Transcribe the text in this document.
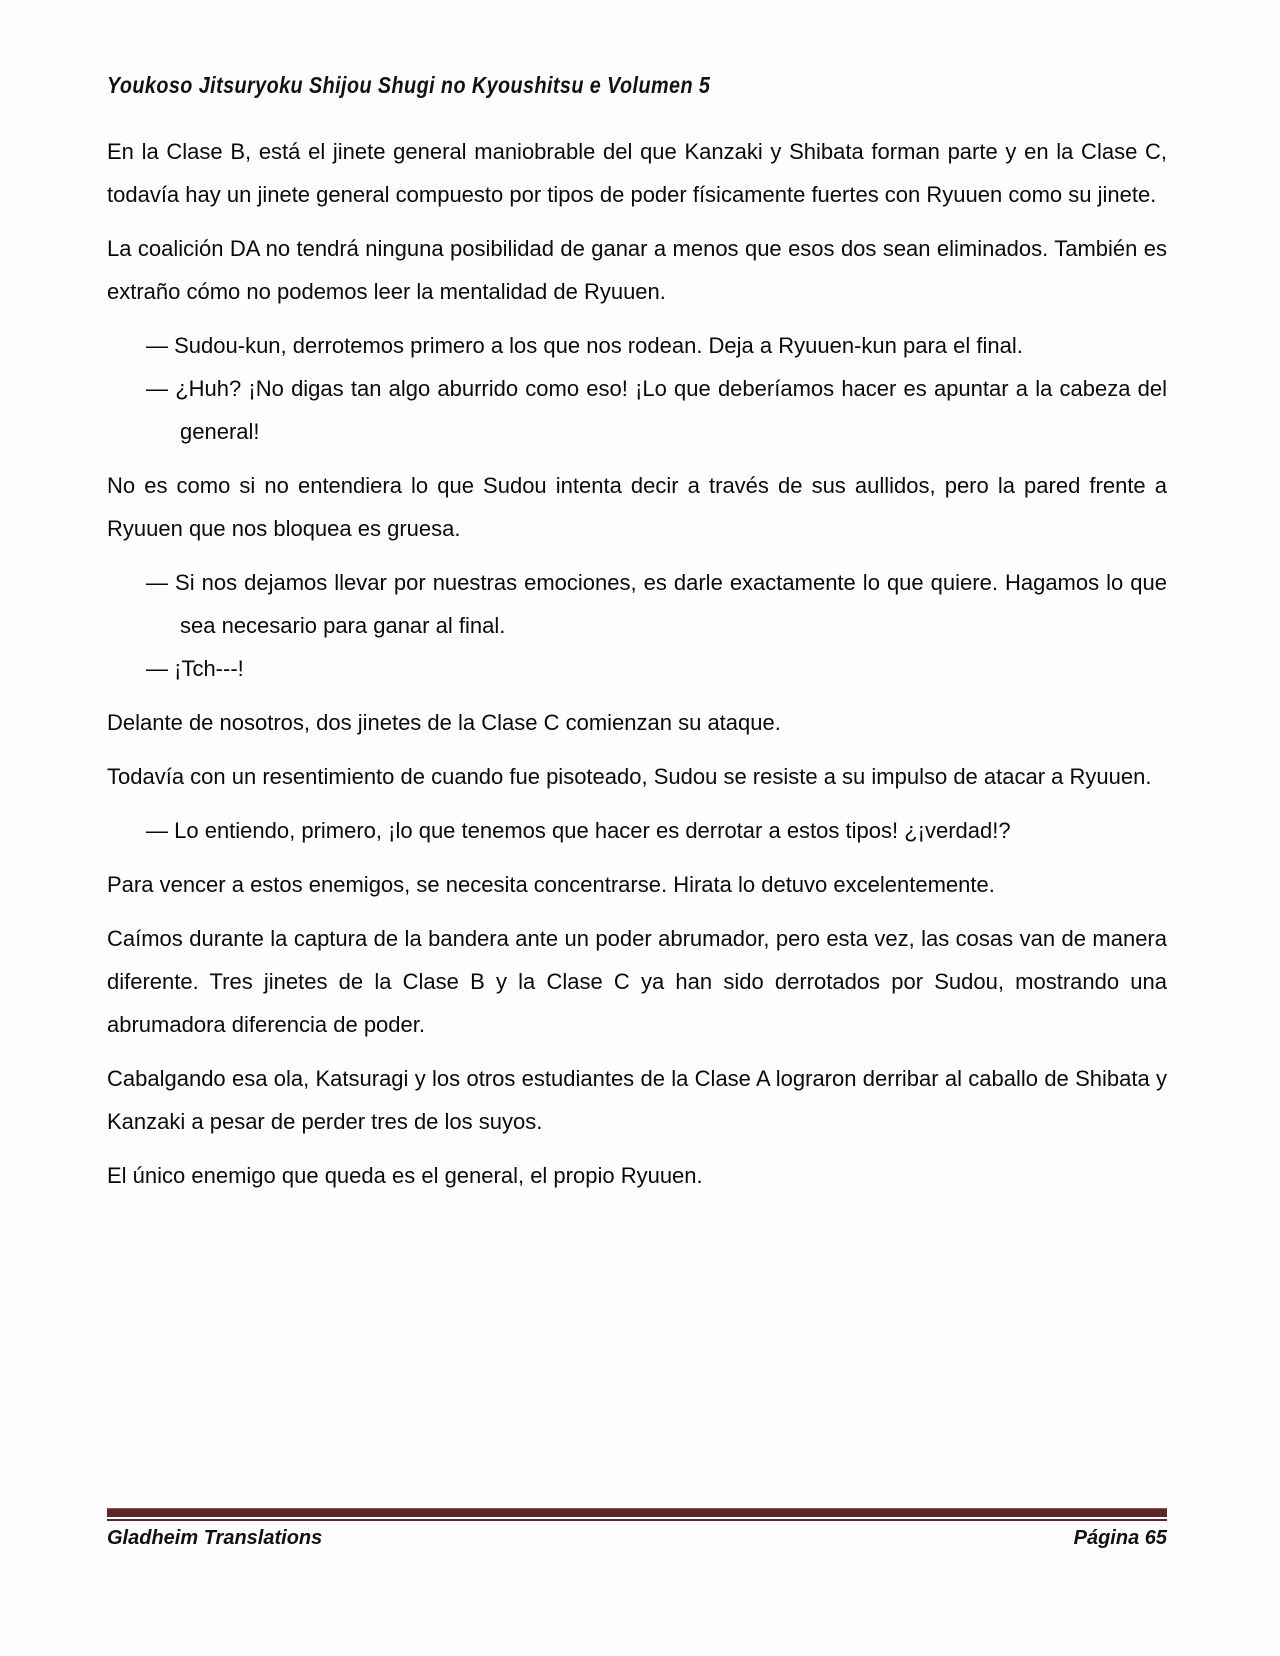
Youkoso Jitsuryoku Shijou Shugi no Kyoushitsu e Volumen 5

En la Clase B, está el jinete general maniobrable del que Kanzaki y Shibata forman parte y en la Clase C, todavía hay un jinete general compuesto por tipos de poder físicamente fuertes con Ryuuen como su jinete.

La coalición DA no tendrá ninguna posibilidad de ganar a menos que esos dos sean eliminados. También es extraño cómo no podemos leer la mentalidad de Ryuuen.

— Sudou-kun, derrotemos primero a los que nos rodean. Deja a Ryuuen-kun para el final.
— ¿Huh? ¡No digas tan algo aburrido como eso! ¡Lo que deberíamos hacer es apuntar a la cabeza del general!

No es como si no entendiera lo que Sudou intenta decir a través de sus aullidos, pero la pared frente a Ryuuen que nos bloquea es gruesa.

— Si nos dejamos llevar por nuestras emociones, es darle exactamente lo que quiere. Hagamos lo que sea necesario para ganar al final.
— ¡Tch---!

Delante de nosotros, dos jinetes de la Clase C comienzan su ataque.

Todavía con un resentimiento de cuando fue pisoteado, Sudou se resiste a su impulso de atacar a Ryuuen.

— Lo entiendo, primero, ¡lo que tenemos que hacer es derrotar a estos tipos! ¿¡verdad!?

Para vencer a estos enemigos, se necesita concentrarse. Hirata lo detuvo excelentemente.

Caímos durante la captura de la bandera ante un poder abrumador, pero esta vez, las cosas van de manera diferente. Tres jinetes de la Clase B y la Clase C ya han sido derrotados por Sudou, mostrando una abrumadora diferencia de poder.

Cabalgando esa ola, Katsuragi y los otros estudiantes de la Clase A lograron derribar al caballo de Shibata y Kanzaki a pesar de perder tres de los suyos.

El único enemigo que queda es el general, el propio Ryuuen.

Gladheim Translations	Página 65
